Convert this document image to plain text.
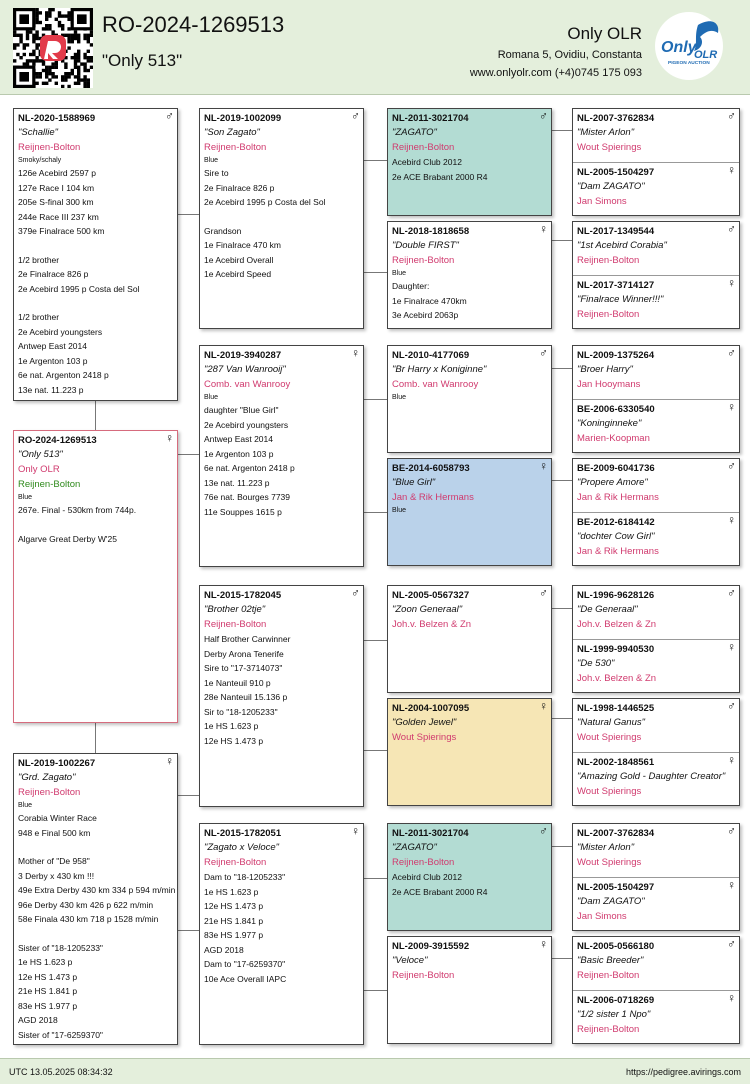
RO-2024-1269513
"Only 513"
Only OLR
Romana 5, Ovidiu, Constanta
www.onlyolr.com (+4)0745 175 093
Only
OLR
PIGEON AUCTION
♀
RO-2024-1269513
"Only 513"
Only OLR
Reijnen-Bolton
Blue
267e. Final - 530km from 744p.
Algarve Great Derby W'25
♂
NL-2020-1588969
"Schallie"
Reijnen-Bolton
Smoky/schaly
126e Acebird 2597 p
127e Race I 104 km
205e S-final 300 km
244e Race III 237 km
379e Finalrace 500 km
1/2 brother
2e Finalrace 826 p
2e Acebird 1995 p Costa del Sol
1/2 brother
2e Acebird youngsters
Antwep East 2014
1e Argenton 103 p
6e nat. Argenton 2418 p
13e nat. 11.223 p
♀
NL-2019-1002267
"Grd. Zagato"
Reijnen-Bolton
Blue
Corabia Winter Race
948 e Final 500 km
Mother of "De 958"
3 Derby x 430 km !!!
49e Extra Derby 430 km 334 p 594 m/min
96e Derby 430 km 426 p 622 m/min
58e Finala 430 km 718 p 1528 m/min
Sister of "18-1205233"
1e HS 1.623 p
12e HS 1.473 p
21e HS 1.841 p
83e HS 1.977 p
AGD 2018
Sister of "17-6259370"
♂
NL-2019-1002099
"Son Zagato"
Reijnen-Bolton
Blue
Sire to
2e Finalrace 826 p
2e Acebird 1995 p Costa del Sol
Grandson
1e Finalrace 470 km
1e Acebird Overall
1e Acebird Speed
♀
NL-2019-3940287
"287 Van Wanrooij"
Comb. van Wanrooy
Blue
daughter "Blue Girl"
2e Acebird youngsters
Antwep East 2014
1e Argenton 103 p
6e nat. Argenton 2418 p
13e nat. 11.223 p
76e nat. Bourges 7739
11e Souppes 1615 p
♂
NL-2015-1782045
"Brother 02tje"
Reijnen-Bolton
Half Brother Carwinner
Derby Arona Tenerife
Sire to "17-3714073"
1e Nanteuil 910 p
28e Nanteuil 15.136 p
Sir to "18-1205233"
1e HS 1.623 p
12e HS 1.473 p
♀
NL-2015-1782051
"Zagato x Veloce"
Reijnen-Bolton
Dam to "18-1205233"
1e HS 1.623 p
12e HS 1.473 p
21e HS 1.841 p
83e HS 1.977 p
AGD 2018
Dam to "17-6259370"
10e Ace Overall IAPC
♂
NL-2011-3021704
"ZAGATO"
Reijnen-Bolton
Acebird Club 2012
2e ACE Brabant 2000 R4
♀
NL-2018-1818658
"Double FIRST"
Reijnen-Bolton
Blue
Daughter:
1e Finalrace 470km
3e Acebird 2063p
♂
NL-2010-4177069
"Br Harry x Koniginne"
Comb. van Wanrooy
Blue
♀
BE-2014-6058793
"Blue Girl"
Jan & Rik Hermans
Blue
♂
NL-2005-0567327
"Zoon Generaal"
Joh.v. Belzen & Zn
♀
NL-2004-1007095
"Golden Jewel"
Wout Spierings
♂
NL-2011-3021704
"ZAGATO"
Reijnen-Bolton
Acebird Club 2012
2e ACE Brabant 2000 R4
♀
NL-2009-3915592
"Veloce"
Reijnen-Bolton
♂
NL-2007-3762834
"Mister Arlon"
Wout Spierings
♀
NL-2005-1504297
"Dam ZAGATO"
Jan Simons
♂
NL-2017-1349544
"1st Acebird Corabia"
Reijnen-Bolton
♀
NL-2017-3714127
"Finalrace Winner!!!"
Reijnen-Bolton
♂
NL-2009-1375264
"Broer Harry"
Jan Hooymans
♀
BE-2006-6330540
"Koninginneke"
Marien-Koopman
♂
BE-2009-6041736
"Propere Amore"
Jan & Rik Hermans
♀
BE-2012-6184142
"dochter Cow Girl"
Jan & Rik Hermans
♂
NL-1996-9628126
"De Generaal"
Joh.v. Belzen & Zn
♀
NL-1999-9940530
"De 530"
Joh.v. Belzen & Zn
♂
NL-1998-1446525
"Natural Ganus"
Wout Spierings
♀
NL-2002-1848561
"Amazing Gold - Daughter Creator"
Wout Spierings
♂
NL-2007-3762834
"Mister Arlon"
Wout Spierings
♀
NL-2005-1504297
"Dam ZAGATO"
Jan Simons
♂
NL-2005-0566180
"Basic Breeder"
Reijnen-Bolton
♀
NL-2006-0718269
"1/2 sister 1 Npo"
Reijnen-Bolton
UTC 13.05.2025 08:34:32	https://pedigree.avirings.com
